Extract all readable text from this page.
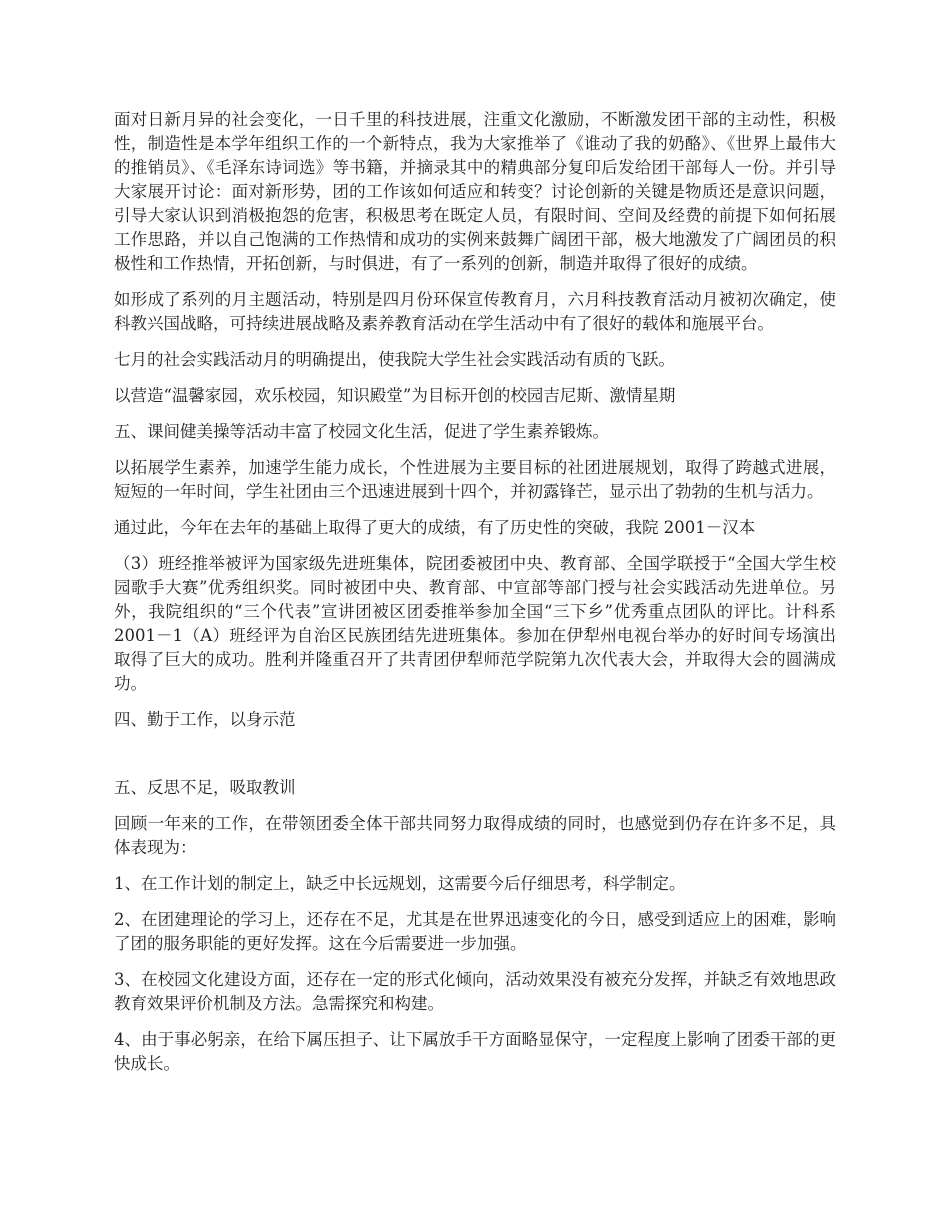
面对日新月异的社会变化，一日千里的科技进展，注重文化激励，不断激发团干部的主动性，积极性，制造性是本学年组织工作的一个新特点，我为大家推举了《谁动了我的奶酪》、《世界上最伟大的推销员》、《毛泽东诗词选》等书籍，并摘录其中的精典部分复印后发给团干部每人一份。并引导大家展开讨论：面对新形势，团的工作该如何适应和转变？讨论创新的关键是物质还是意识问题，引导大家认识到消极抱怨的危害，积极思考在既定人员，有限时间、空间及经费的前提下如何拓展工作思路，并以自己饱满的工作热情和成功的实例来鼓舞广阔团干部，极大地激发了广阔团员的积极性和工作热情，开拓创新，与时俱进，有了一系列的创新，制造并取得了很好的成绩。

如形成了系列的月主题活动，特别是四月份环保宣传教育月，六月科技教育活动月被初次确定，使科教兴国战略，可持续进展战略及素养教育活动在学生活动中有了很好的载体和施展平台。

七月的社会实践活动月的明确提出，使我院大学生社会实践活动有质的飞跃。

以营造“温馨家园，欢乐校园，知识殿堂”为目标开创的校园吉尼斯、激情星期

五、课间健美操等活动丰富了校园文化生活，促进了学生素养锻炼。

以拓展学生素养，加速学生能力成长，个性进展为主要目标的社团进展规划，取得了跨越式进展，短短的一年时间，学生社团由三个迅速进展到十四个，并初露锋芒，显示出了勃勃的生机与活力。

通过此，今年在去年的基础上取得了更大的成绩，有了历史性的突破，我院 2001－汉本

（3）班经推举被评为国家级先进班集体，院团委被团中央、教育部、全国学联授于“全国大学生校园歌手大赛”优秀组织奖。同时被团中央、教育部、中宣部等部门授与社会实践活动先进单位。另外，我院组织的“三个代表”宣讲团被区团委推举参加全国“三下乡”优秀重点团队的评比。计科系 2001－1（A）班经评为自治区民族团结先进班集体。参加在伊犁州电视台举办的好时间专场演出取得了巨大的成功。胜利并隆重召开了共青团伊犁师范学院第九次代表大会，并取得大会的圆满成功。

四、勤于工作，以身示范

五、反思不足，吸取教训

回顾一年来的工作，在带领团委全体干部共同努力取得成绩的同时，也感觉到仍存在许多不足，具体表现为：

1、在工作计划的制定上，缺乏中长远规划，这需要今后仔细思考，科学制定。

2、在团建理论的学习上，还存在不足，尤其是在世界迅速变化的今日，感受到适应上的困难，影响了团的服务职能的更好发挥。这在今后需要进一步加强。

3、在校园文化建设方面，还存在一定的形式化倾向，活动效果没有被充分发挥，并缺乏有效地思政教育效果评价机制及方法。急需探究和构建。

4、由于事必躬亲，在给下属压担子、让下属放手干方面略显保守，一定程度上影响了团委干部的更快成长。
